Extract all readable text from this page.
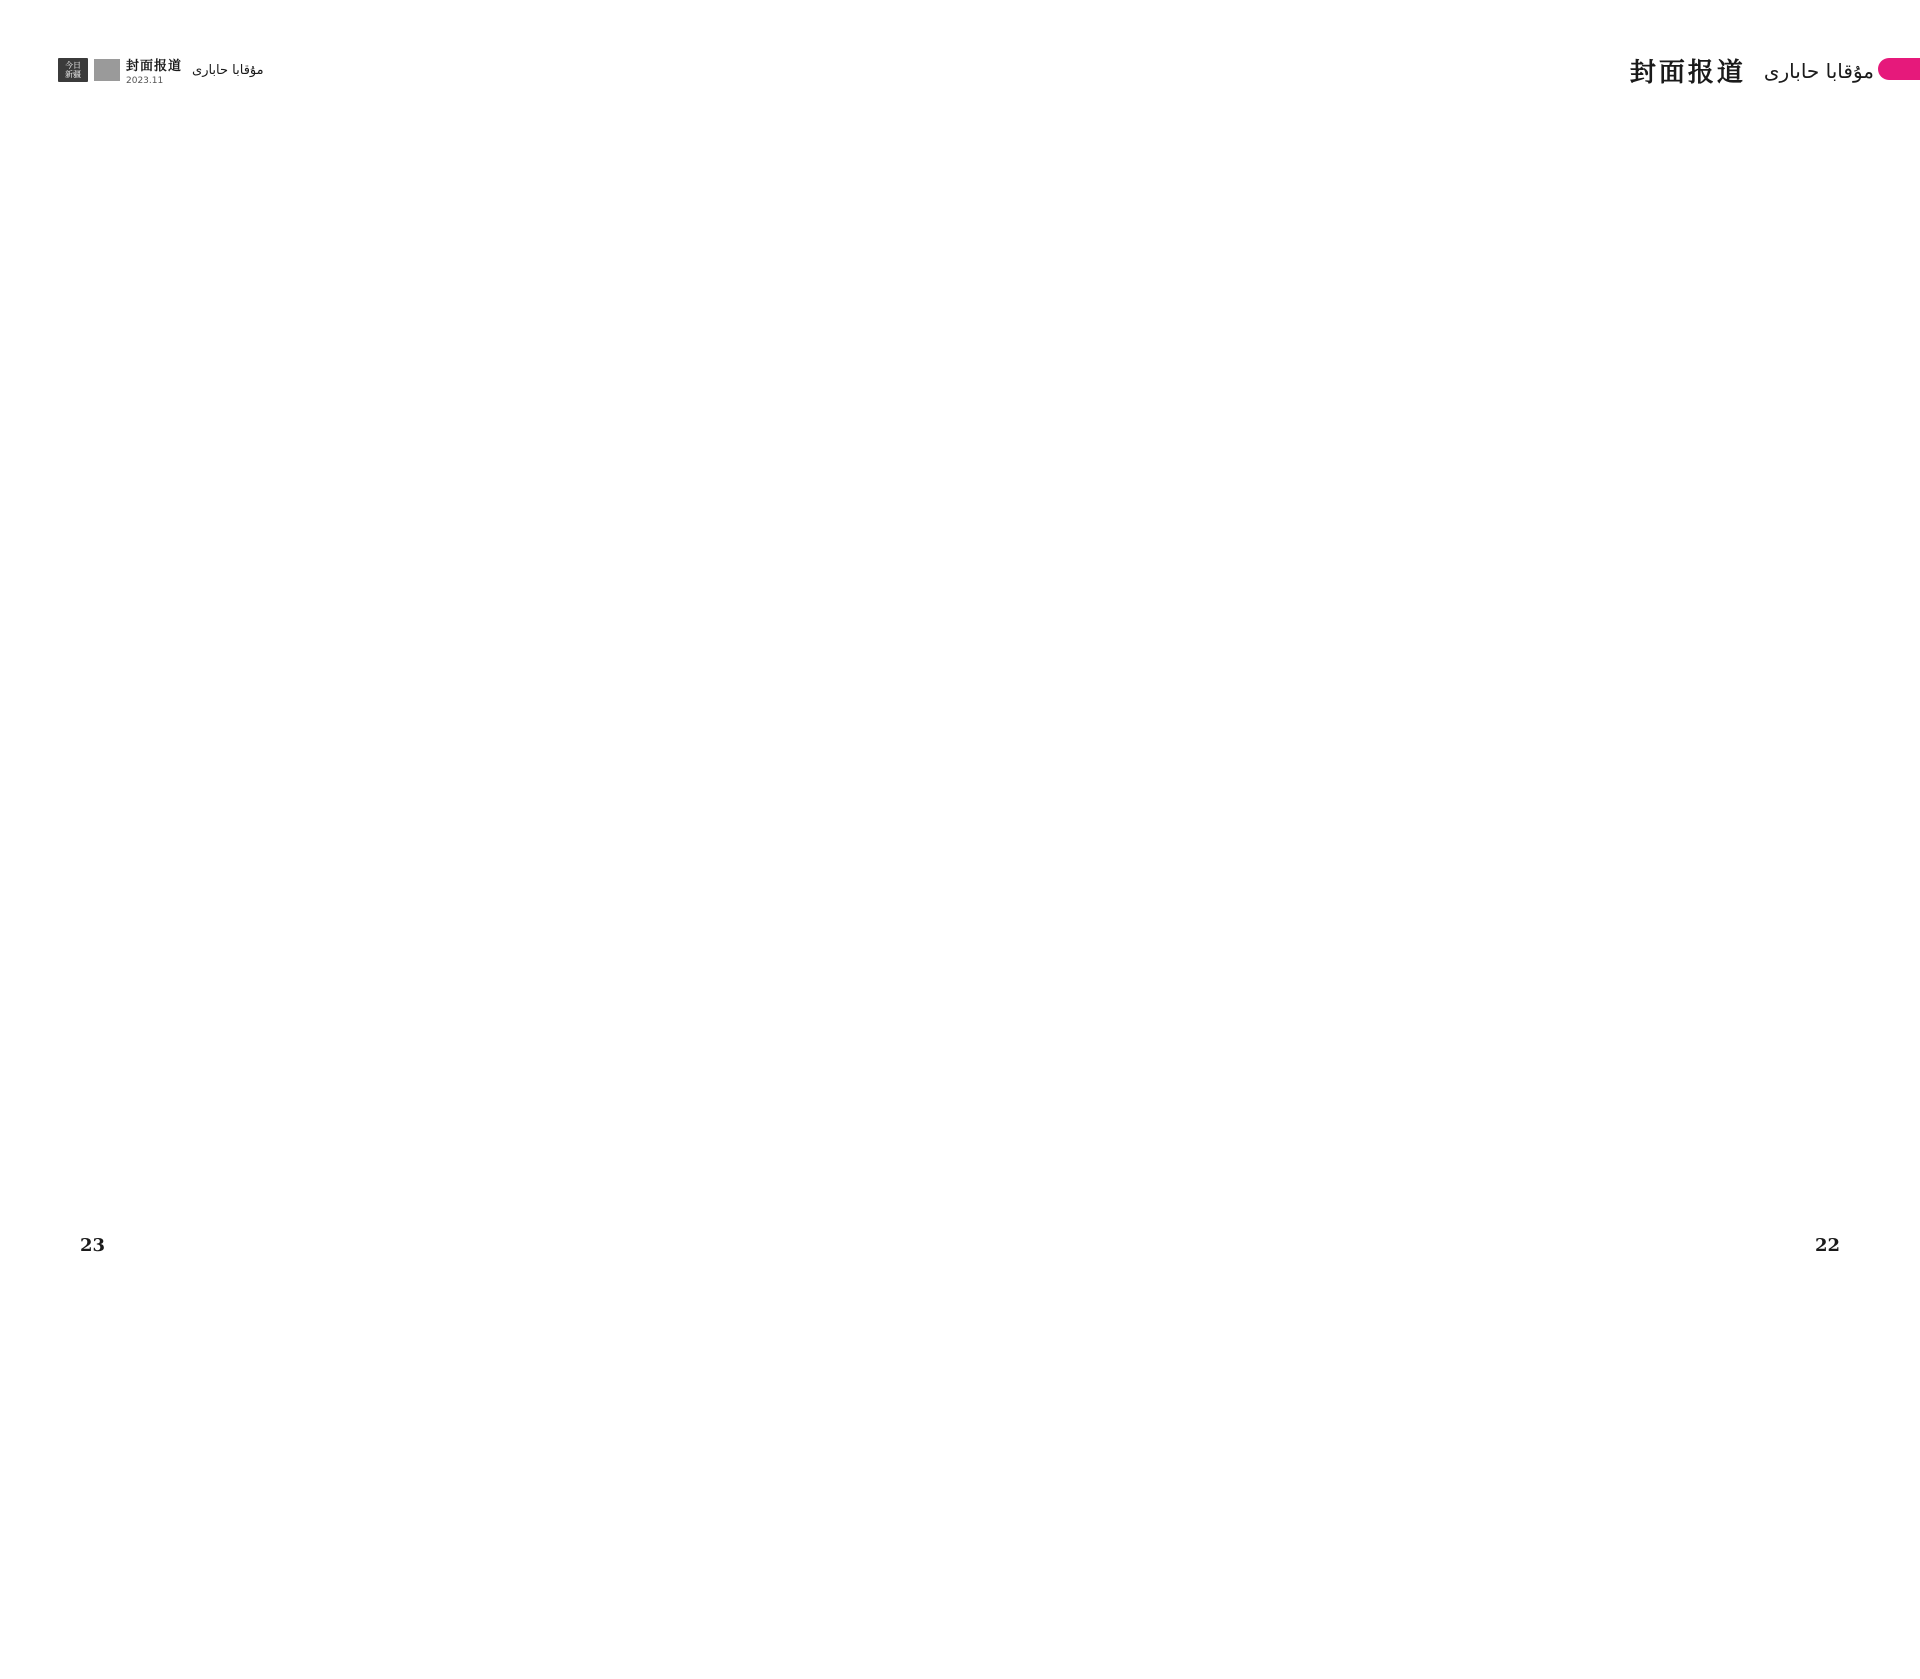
今日
新疆
封面报道
2023.11
مۇقابا حابارى
23
封面报道 مۇقابا حابارى
22
